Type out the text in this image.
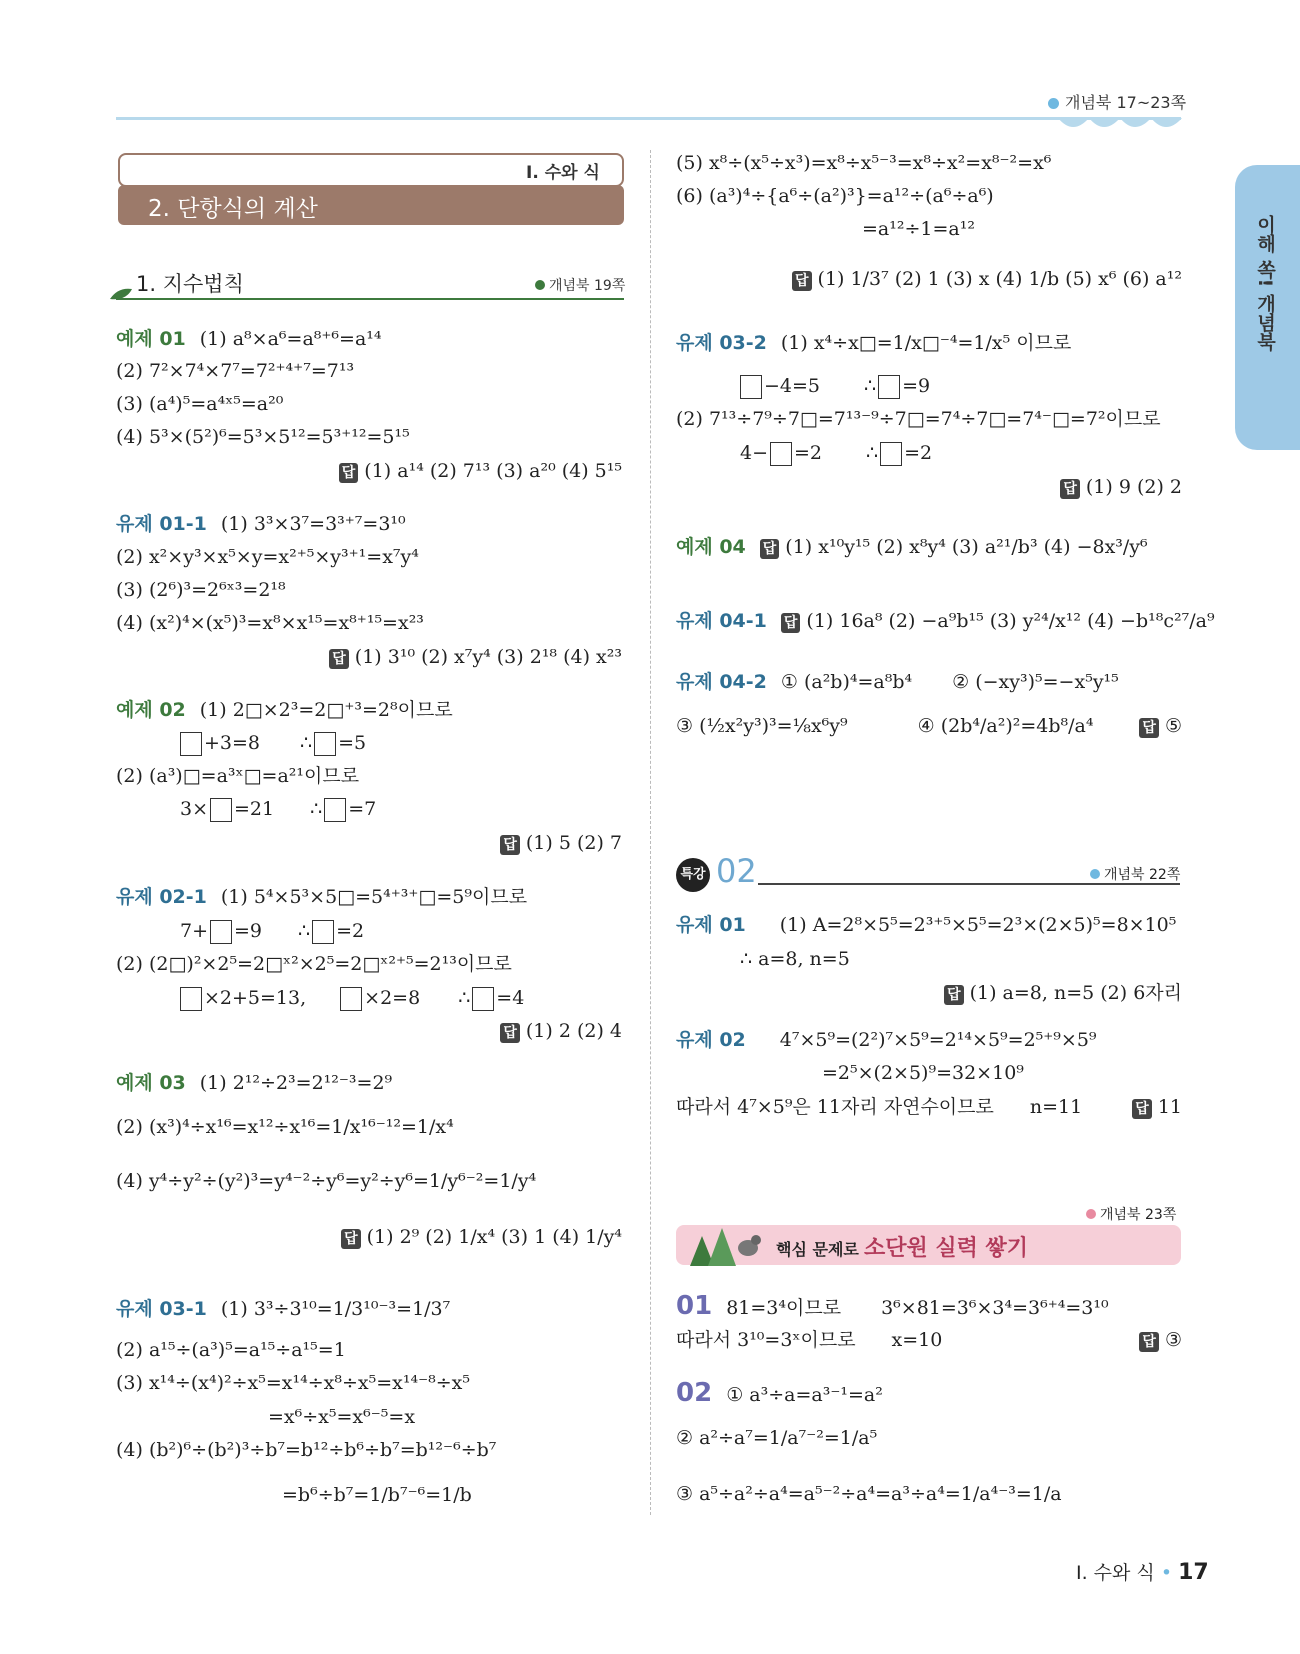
개념북 17~23쪽
이해 쏙! 개념북
Ⅰ. 수와 식
2. 단항식의 계산
1. 지수법칙	개념북 19쪽
예제 01 (1) a⁸×a⁶=a⁸⁺⁶=a¹⁴
(2) 7²×7⁴×7⁷=7²⁺⁴⁺⁷=7¹³
(3) (a⁴)⁵=a⁴ˣ⁵=a²⁰
(4) 5³×(5²)⁶=5³×5¹²=5³⁺¹²=5¹⁵
답 (1) a¹⁴ (2) 7¹³ (3) a²⁰ (4) 5¹⁵
유제 01-1 (1) 3³×3⁷=3³⁺⁷=3¹⁰
(2) x²×y³×x⁵×y=x²⁺⁵×y³⁺¹=x⁷y⁴
(3) (2⁶)³=2⁶ˣ³=2¹⁸
(4) (x²)⁴×(x⁵)³=x⁸×x¹⁵=x⁸⁺¹⁵=x²³
답 (1) 3¹⁰ (2) x⁷y⁴ (3) 2¹⁸ (4) x²³
예제 02 (1) 2□×2³=2□⁺³=2⁸이므로
+3=8 ∴ =5
(2) (a³)□=a³ˣ□=a²¹이므로
3× =21 ∴ =7
답 (1) 5 (2) 7
유제 02-1 (1) 5⁴×5³×5□=5⁴⁺³⁺□=5⁹이므로
7+ =9 ∴ =2
(2) (2□)²×2⁵=2□ˣ²×2⁵=2□ˣ²⁺⁵=2¹³이므로
×2+5=13,	×2=8 ∴ =4
답 (1) 2 (2) 4
예제 03 (1) 2¹²÷2³=2¹²⁻³=2⁹
(2) (x³)⁴÷x¹⁶=x¹²÷x¹⁶=1/x¹⁶⁻¹²=1/x⁴
(4) y⁴÷y²÷(y²)³=y⁴⁻²÷y⁶=y²÷y⁶=1/y⁶⁻²=1/y⁴
답 (1) 2⁹ (2) 1/x⁴ (3) 1 (4) 1/y⁴
유제 03-1 (1) 3³÷3¹⁰=1/3¹⁰⁻³=1/3⁷
(2) a¹⁵÷(a³)⁵=a¹⁵÷a¹⁵=1
(3) x¹⁴÷(x⁴)²÷x⁵=x¹⁴÷x⁸÷x⁵=x¹⁴⁻⁸÷x⁵
=x⁶÷x⁵=x⁶⁻⁵=x
(4) (b²)⁶÷(b²)³÷b⁷=b¹²÷b⁶÷b⁷=b¹²⁻⁶÷b⁷
=b⁶÷b⁷=1/b⁷⁻⁶=1/b
(5) x⁸÷(x⁵÷x³)=x⁸÷x⁵⁻³=x⁸÷x²=x⁸⁻²=x⁶
(6) (a³)⁴÷{a⁶÷(a²)³}=a¹²÷(a⁶÷a⁶)
=a¹²÷1=a¹²
답 (1) 1/3⁷ (2) 1 (3) x (4) 1/b (5) x⁶ (6) a¹²
유제 03-2 (1) x⁴÷x□=1/x□⁻⁴=1/x⁵ 이므로
−4=5 ∴ =9
(2) 7¹³÷7⁹÷7□=7¹³⁻⁹÷7□=7⁴÷7□=7⁴⁻□=7²이므로
4− =2 ∴ =2
답 (1) 9 (2) 2
예제 04 답 (1) x¹⁰y¹⁵ (2) x⁸y⁴ (3) a²¹/b³ (4) −8x³/y⁶
유제 04-1 답 (1) 16a⁸ (2) −a⁹b¹⁵ (3) y²⁴/x¹² (4) −b¹⁸c²⁷/a⁹
유제 04-2 ① (a²b)⁴=a⁸b⁴ ② (−xy³)⁵=−x⁵y¹⁵
③ (½x²y³)³=⅛x⁶y⁹	④ (2b⁴/a²)²=4b⁸/a⁴	답 ⑤
특강 02	개념북 22쪽
유제 01 (1) A=2⁸×5⁵=2³⁺⁵×5⁵=2³×(2×5)⁵=8×10⁵
∴ a=8, n=5
답 (1) a=8, n=5 (2) 6자리
유제 02 4⁷×5⁹=(2²)⁷×5⁹=2¹⁴×5⁹=2⁵⁺⁹×5⁹
=2⁵×(2×5)⁹=32×10⁹
따라서 4⁷×5⁹은 11자리 자연수이므로 n=11	답 11
개념북 23쪽
핵심 문제로 소단원 실력 쌓기
01 81=3⁴이므로 3⁶×81=3⁶×3⁴=3⁶⁺⁴=3¹⁰
따라서 3¹⁰=3ˣ이므로 x=10	답 ③
02 ① a³÷a=a³⁻¹=a²
② a²÷a⁷=1/a⁷⁻²=1/a⁵
③ a⁵÷a²÷a⁴=a⁵⁻²÷a⁴=a³÷a⁴=1/a⁴⁻³=1/a
Ⅰ. 수와 식 • 17
